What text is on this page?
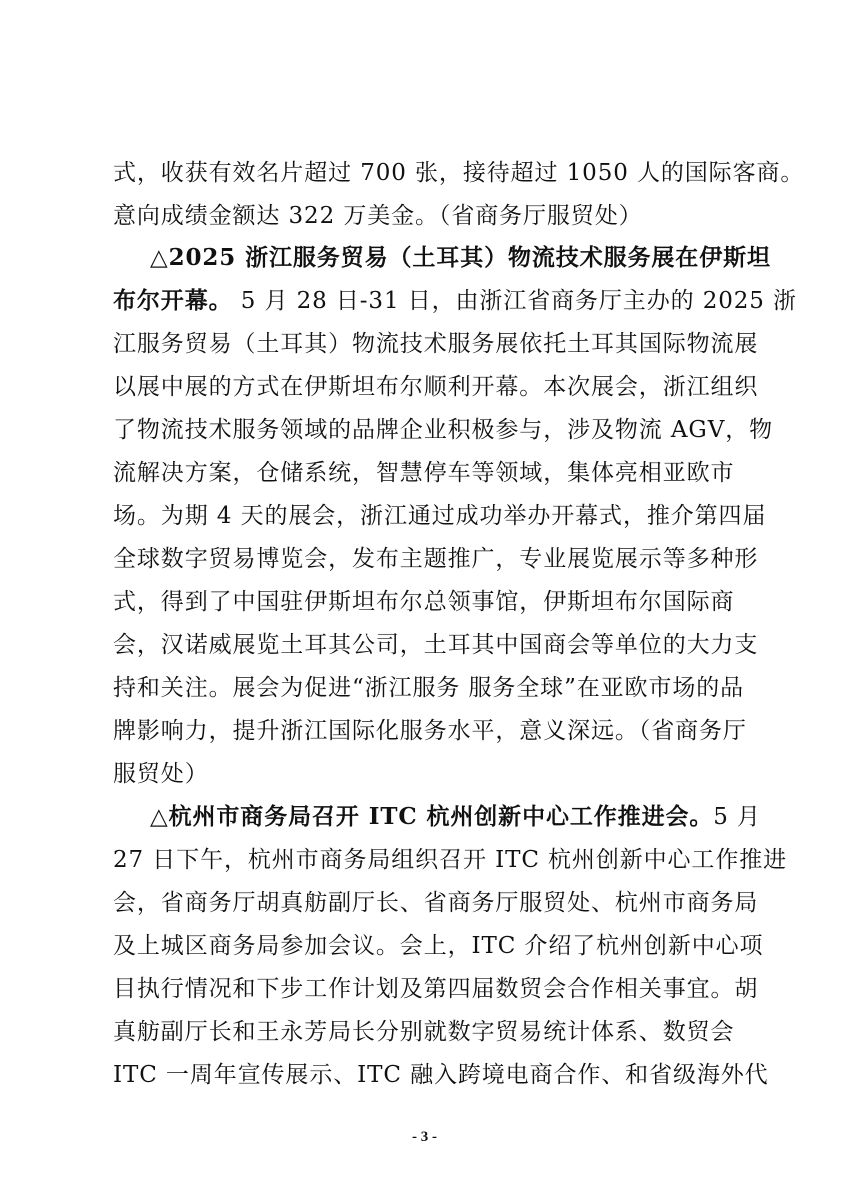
式，收获有效名片超过 700 张，接待超过 1050 人的国际客商。
意向成绩金额达 322 万美金。（省商务厅服贸处）
△2025 浙江服务贸易（土耳其）物流技术服务展在伊斯坦
布尔开幕。 5 月 28 日-31 日，由浙江省商务厅主办的 2025 浙
江服务贸易（土耳其）物流技术服务展依托土耳其国际物流展
以展中展的方式在伊斯坦布尔顺利开幕。本次展会，浙江组织
了物流技术服务领域的品牌企业积极参与，涉及物流 AGV，物
流解决方案，仓储系统，智慧停车等领域，集体亮相亚欧市
场。为期 4 天的展会，浙江通过成功举办开幕式，推介第四届
全球数字贸易博览会，发布主题推广，专业展览展示等多种形
式，得到了中国驻伊斯坦布尔总领事馆，伊斯坦布尔国际商
会，汉诺威展览土耳其公司，土耳其中国商会等单位的大力支
持和关注。展会为促进“浙江服务 服务全球”在亚欧市场的品
牌影响力，提升浙江国际化服务水平，意义深远。（省商务厅
服贸处）
△杭州市商务局召开 ITC 杭州创新中心工作推进会。5 月
27 日下午，杭州市商务局组织召开 ITC 杭州创新中心工作推进
会，省商务厅胡真舫副厅长、省商务厅服贸处、杭州市商务局
及上城区商务局参加会议。会上，ITC 介绍了杭州创新中心项
目执行情况和下步工作计划及第四届数贸会合作相关事宜。胡
真舫副厅长和王永芳局长分别就数字贸易统计体系、数贸会
ITC 一周年宣传展示、ITC 融入跨境电商合作、和省级海外代
- 3 -
